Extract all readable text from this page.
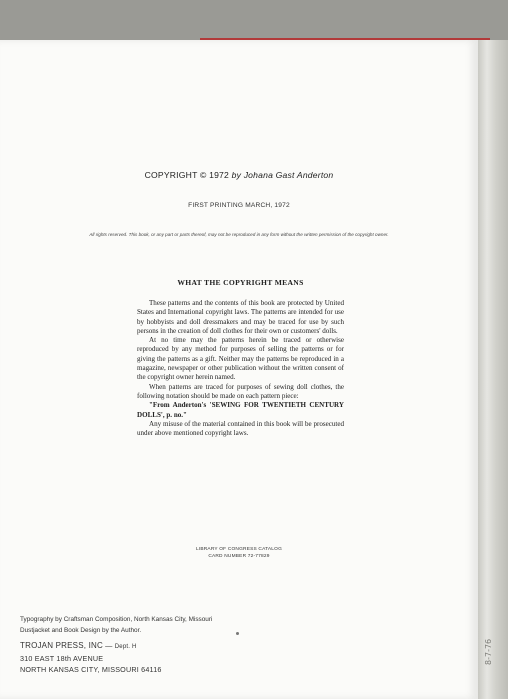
8-7-76
COPYRIGHT © 1972 by Johana Gast Anderton
FIRST PRINTING MARCH, 1972
All rights reserved. This book, or any part or parts thereof, may not be reproduced in any form without the written permission of the copyright owner.
WHAT THE COPYRIGHT MEANS

These patterns and the contents of this book are protected by United States and International copyright laws. The patterns are intended for use by hobbyists and doll dressmakers and may be traced for use by such persons in the creation of doll clothes for their own or customers' dolls.

At no time may the patterns herein be traced or otherwise reproduced by any method for purposes of selling the patterns or for giving the patterns as a gift. Neither may the patterns be reproduced in a magazine, newspaper or other publication without the written consent of the copyright owner herein named.

When patterns are traced for purposes of sewing doll clothes, the following notation should be made on each pattern piece:

"From Anderton's 'SEWING FOR TWENTIETH CENTURY DOLLS', p. no."

Any misuse of the material contained in this book will be prosecuted under above mentioned copyright laws.

LIBRARY OF CONGRESS CATALOG
CARD NUMBER 72-77829
Typography by Craftsman Composition, North Kansas City, Missouri
Dustjacket and Book Design by the Author.
TROJAN PRESS, INC — Dept. H
310 EAST 18th AVENUE
NORTH KANSAS CITY, MISSOURI 64116
